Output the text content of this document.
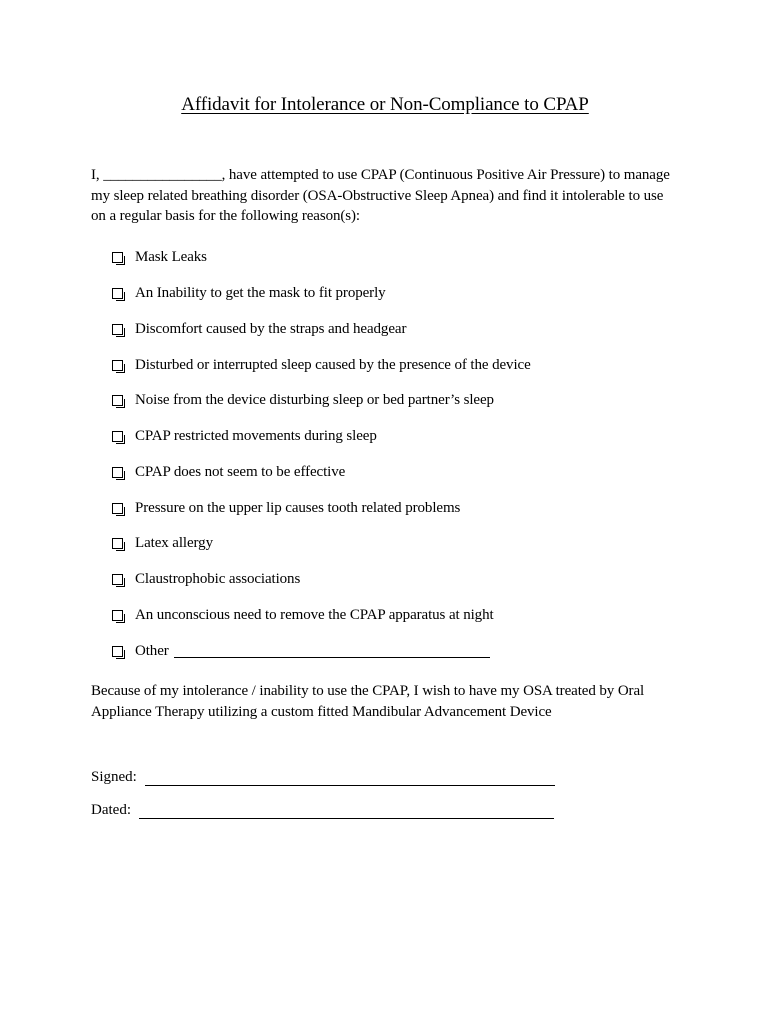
Affidavit for Intolerance or Non-Compliance to CPAP
I, ________________, have attempted to use CPAP (Continuous Positive Air Pressure) to manage my sleep related breathing disorder (OSA-Obstructive Sleep Apnea) and find it intolerable to use on a regular basis for the following reason(s):
Mask Leaks
An Inability to get the mask to fit properly
Discomfort caused by the straps and headgear
Disturbed or interrupted sleep caused by the presence of the device
Noise from the device disturbing sleep or bed partner’s sleep
CPAP restricted movements during sleep
CPAP does not seem to be effective
Pressure on the upper lip causes tooth related problems
Latex allergy
Claustrophobic associations
An unconscious need to remove the CPAP apparatus at night
Other
Because of my intolerance / inability to use the CPAP, I wish to have my OSA treated by Oral Appliance Therapy utilizing a custom fitted Mandibular Advancement Device
Signed:
Dated:
